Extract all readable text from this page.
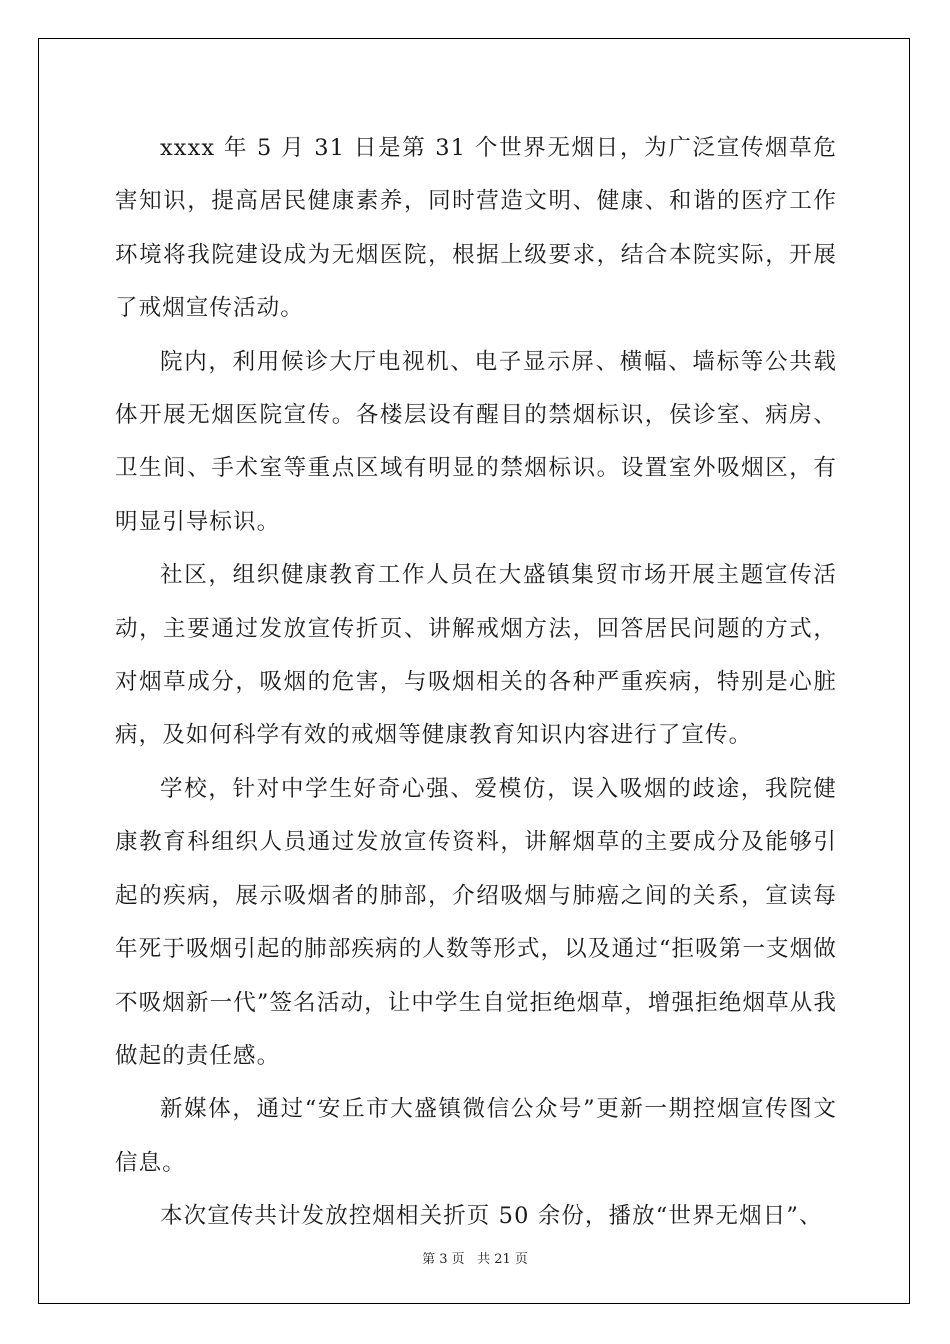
xxxx 年 5 月 31 日是第 31 个世界无烟日，为广泛宣传烟草危害知识，提高居民健康素养，同时营造文明、健康、和谐的医疗工作环境将我院建设成为无烟医院，根据上级要求，结合本院实际，开展了戒烟宣传活动。

院内，利用候诊大厅电视机、电子显示屏、横幅、墙标等公共载体开展无烟医院宣传。各楼层设有醒目的禁烟标识，侯诊室、病房、卫生间、手术室等重点区域有明显的禁烟标识。设置室外吸烟区，有明显引导标识。

社区，组织健康教育工作人员在大盛镇集贸市场开展主题宣传活动，主要通过发放宣传折页、讲解戒烟方法，回答居民问题的方式，对烟草成分，吸烟的危害，与吸烟相关的各种严重疾病，特别是心脏病，及如何科学有效的戒烟等健康教育知识内容进行了宣传。

学校，针对中学生好奇心强、爱模仿，误入吸烟的歧途，我院健康教育科组织人员通过发放宣传资料，讲解烟草的主要成分及能够引起的疾病，展示吸烟者的肺部，介绍吸烟与肺癌之间的关系，宣读每年死于吸烟引起的肺部疾病的人数等形式，以及通过“拒吸第一支烟做不吸烟新一代”签名活动，让中学生自觉拒绝烟草，增强拒绝烟草从我做起的责任感。

新媒体，通过“安丘市大盛镇微信公众号”更新一期控烟宣传图文信息。

本次宣传共计发放控烟相关折页 50 余份，播放“世界无烟日”、

第 3 页 共 21 页
